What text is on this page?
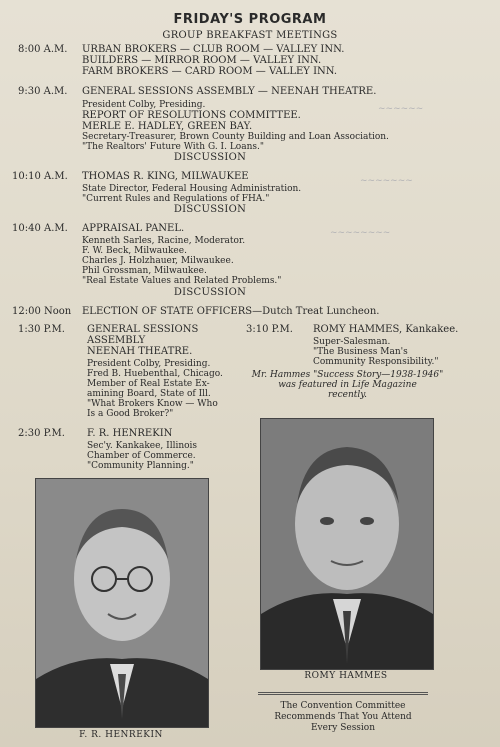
FRIDAY'S PROGRAM
GROUP BREAKFAST MEETINGS
~~~~~~
~~~~~~~
~~~~~~~~
8:00 A.M. URBAN BROKERS — CLUB ROOM — VALLEY INN.
BUILDERS — MIRROR ROOM — VALLEY INN.
FARM BROKERS — CARD ROOM — VALLEY INN.
9:30 A.M. GENERAL SESSIONS ASSEMBLY — NEENAH THEATRE.
President Colby, Presiding.
REPORT OF RESOLUTIONS COMMITTEE.
MERLE E. HADLEY, GREEN BAY.
Secretary-Treasurer, Brown County Building and Loan Association.
"The Realtors' Future With G. I. Loans."
DISCUSSION
10:10 A.M. THOMAS R. KING, MILWAUKEE
State Director, Federal Housing Administration.
"Current Rules and Regulations of FHA."
DISCUSSION
10:40 A.M. APPRAISAL PANEL.
Kenneth Sarles, Racine, Moderator.
F. W. Beck, Milwaukee.
Charles J. Holzhauer, Milwaukee.
Phil Grossman, Milwaukee.
"Real Estate Values and Related Problems."
DISCUSSION
12:00 Noon ELECTION OF STATE OFFICERS—Dutch Treat Luncheon.
1:30 P.M. GENERAL SESSIONS
ASSEMBLY
NEENAH THEATRE.
President Colby, Presiding.
Fred B. Huebenthal, Chicago.
Member of Real Estate Ex-
amining Board, State of Ill.
"What Brokers Know — Who
Is a Good Broker?"
3:10 P.M. ROMY HAMMES, Kankakee.
Super-Salesman.
"The Business Man's
Community Responsibility."
Mr. Hammes "Success Story—1938-1946"
was featured in Life Magazine
recently.
2:30 P.M. F. R. HENREKIN
Sec'y. Kankakee, Illinois
Chamber of Commerce.
"Community Planning."
F. R. HENREKIN
ROMY HAMMES
The Convention Committee
Recommends That You Attend
Every Session
